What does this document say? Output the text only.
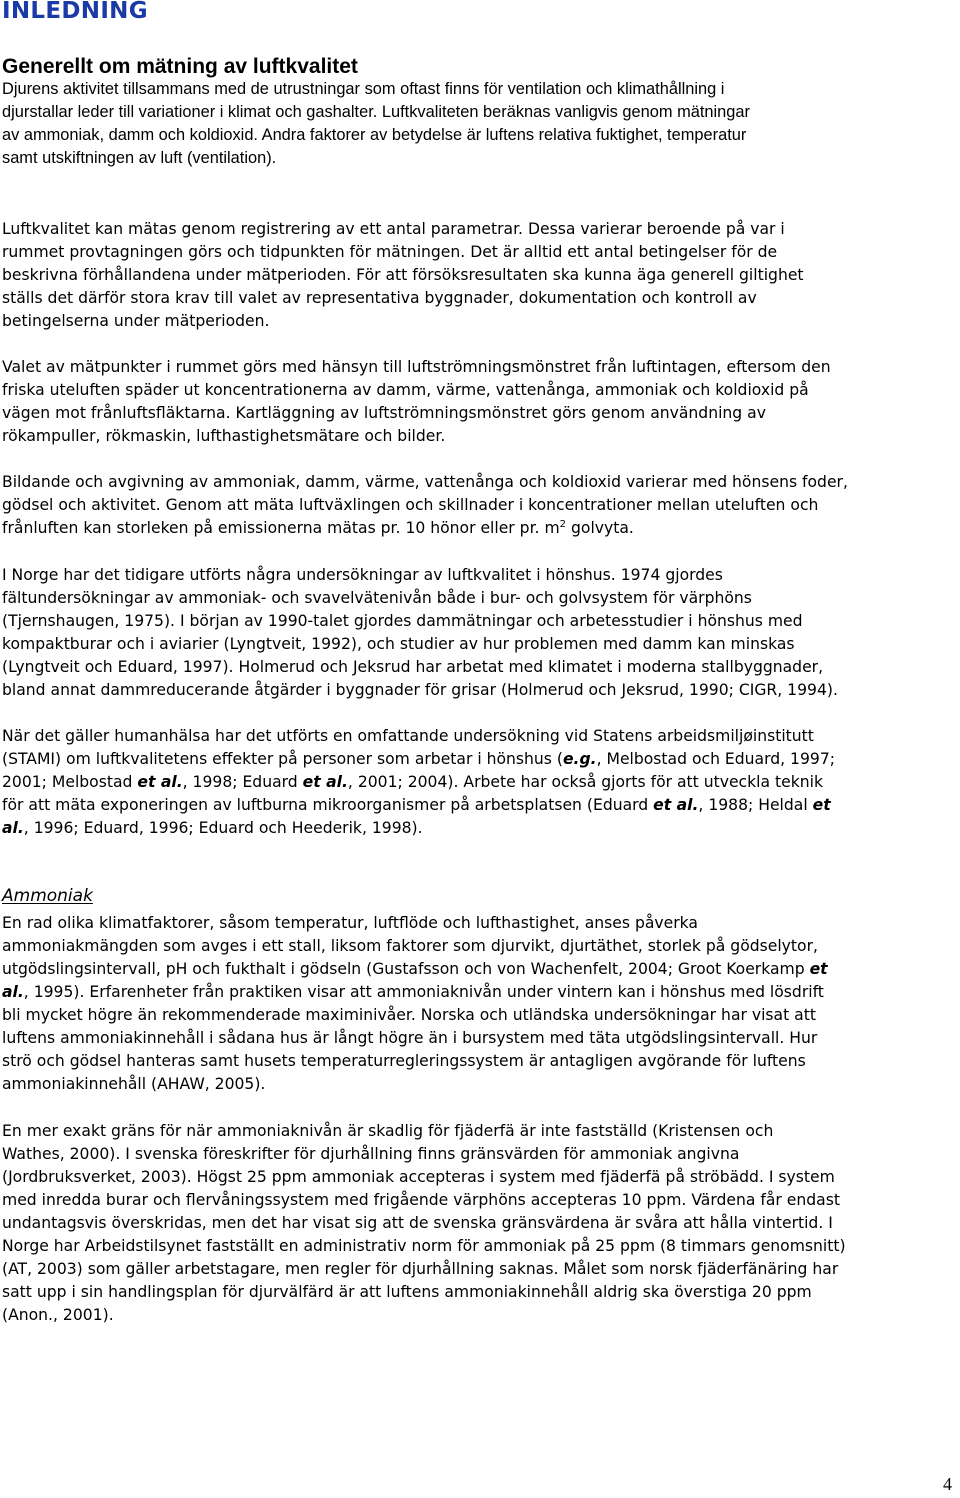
INLEDNING
Generellt om mätning av luftkvalitet

Djurens aktivitet tillsammans med de utrustningar som oftast finns för ventilation och klimathållning i
djurstallar leder till variationer i klimat och gashalter. Luftkvaliteten beräknas vanligvis genom mätningar
av ammoniak, damm och koldioxid. Andra faktorer av betydelse är luftens relativa fuktighet, temperatur
samt utskiftningen av luft (ventilation).

Luftkvalitet kan mätas genom registrering av ett antal parametrar. Dessa varierar beroende på var i
rummet provtagningen görs och tidpunkten för mätningen. Det är alltid ett antal betingelser för de
beskrivna förhållandena under mätperioden. För att försöksresultaten ska kunna äga generell giltighet
ställs det därför stora krav till valet av representativa byggnader, dokumentation och kontroll av
betingelserna under mätperioden.

Valet av mätpunkter i rummet görs med hänsyn till luftströmningsmönstret från luftintagen, eftersom den
friska uteluften späder ut koncentrationerna av damm, värme, vattenånga, ammoniak och koldioxid på
vägen mot frånluftsfläktarna. Kartläggning av luftströmningsmönstret görs genom användning av
rökampuller, rökmaskin, lufthastighetsmätare och bilder.

Bildande och avgivning av ammoniak, damm, värme, vattenånga och koldioxid varierar med hönsens foder,
gödsel och aktivitet. Genom att mäta luftväxlingen och skillnader i koncentrationer mellan uteluften och
frånluften kan storleken på emissionerna mätas pr. 10 hönor eller pr. $m^2$ golvyta.

I Norge har det tidigare utförts några undersökningar av luftkvalitet i hönshus. 1974 gjordes
fältundersökningar av ammoniak- och svavelvätenivån både i bur- och golvsystem för värphöns
(Tjernshaugen, 1975). I början av 1990-talet gjordes dammätningar och arbetesstudier i hönshus med
kompaktburar och i aviarier (Lyngtveit, 1992), och studier av hur problemen med damm kan minskas
(Lyngtveit och Eduard, 1997). Holmerud och Jeksrud har arbetat med klimatet i moderna stallbyggnader,
bland annat dammreducerande åtgärder i byggnader för grisar (Holmerud och Jeksrud, 1990; CIGR, 1994).

När det gäller humanhälsa har det utförts en omfattande undersökning vid Statens arbeidsmiljøinstitutt
(STAMI) om luftkvalitetens effekter på personer som arbetar i hönshus (e.g., Melbostad och Eduard, 1997;
2001; Melbostad et al., 1998; Eduard et al., 2001; 2004). Arbete har också gjorts för att utveckla teknik
för att mäta exponeringen av luftburna mikroorganismer på arbetsplatsen (Eduard et al., 1988; Heldal et
al., 1996; Eduard, 1996; Eduard och Heederik, 1998).

Ammoniak

En rad olika klimatfaktorer, såsom temperatur, luftflöde och lufthastighet, anses påverka
ammoniakmängden som avges i ett stall, liksom faktorer som djurvikt, djurtäthet, storlek på gödselytor,
utgödslingsintervall, pH och fukthalt i gödseln (Gustafsson och von Wachenfelt, 2004; Groot Koerkamp et
al., 1995). Erfarenheter från praktiken visar att ammoniaknivån under vintern kan i hönshus med lösdrift
bli mycket högre än rekommenderade maximinivåer. Norska och utländska undersökningar har visat att
luftens ammoniakinnehåll i sådana hus är långt högre än i bursystem med täta utgödslingsintervall. Hur
strö och gödsel hanteras samt husets temperaturregleringssystem är antagligen avgörande för luftens
ammoniakinnehåll (AHAW, 2005).

En mer exakt gräns för när ammoniaknivån är skadlig för fjäderfä är inte fastställd (Kristensen och
Wathes, 2000). I svenska föreskrifter för djurhållning finns gränsvärden för ammoniak angivna
(Jordbruksverket, 2003). Högst 25 ppm ammoniak accepteras i system med fjäderfä på ströbädd. I system
med inredda burar och flervåningssystem med frigående värphöns accepteras 10 ppm. Värdena får endast
undantagsvis överskridas, men det har visat sig att de svenska gränsvärdena är svåra att hålla vintertid. I
Norge har Arbeidstilsynet fastställt en administrativ norm för ammoniak på 25 ppm (8 timmars genomsnitt)
(AT, 2003) som gäller arbetstagare, men regler för djurhållning saknas. Målet som norsk fjäderfänäring har
satt upp i sin handlingsplan för djurvälfärd är att luftens ammoniakinnehåll aldrig ska överstiga 20 ppm
(Anon., 2001).

4
